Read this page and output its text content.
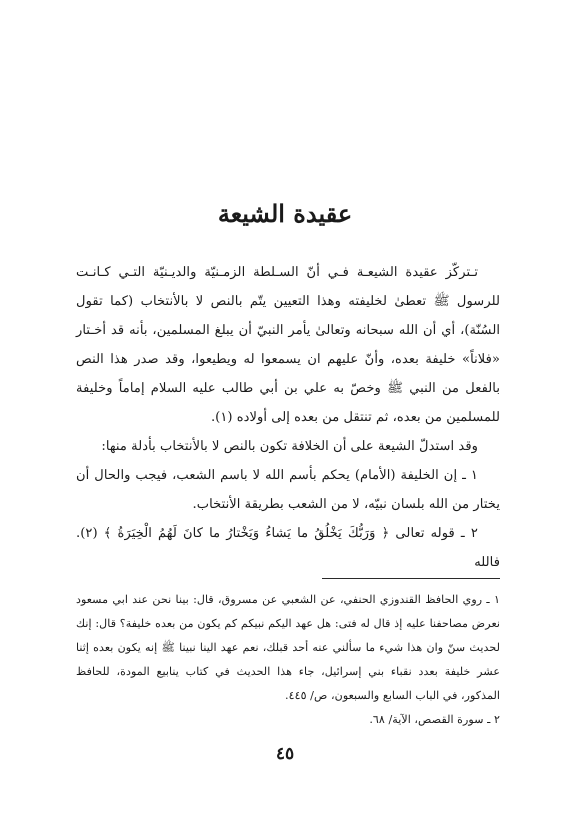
عقيدة الشيعة

تـتركّز عقيدة الشيعـة فـي أنّ السـلطة الزمـنيّة والديـنيّة التـي كـانـت للرسول ﷺ تعطىٰ لخليفته وهذا التعيين يتّم بالنص لا بالأنتخاب (كما تقول السُنّة)، أي أن الله سبحانه وتعالىٰ يأمر النبيّ أن يبلغ المسلمين، بأنه قد أخـتار «فلاناً» خليفة بعده، وأنّ عليهم ان يسمعوا له ويطيعوا، وقد صدر هذا النص بالفعل من النبي ﷺ وخصّ به علي بن أبي طالب عليه السلام إماماً وخليفة للمسلمين من بعده، ثم تنتقل من بعده إلى أولاده (١).

وقد استدلّ الشيعة على أن الخلافة تكون بالنص لا بالأنتخاب بأدلة منها:

١ ـ إن الخليفة (الأمام) يحكم بأسم الله لا باسم الشعب، فيجب والحال أن يختار من الله بلسان نبيّه، لا من الشعب بطريقة الأنتخاب.

٢ ـ قوله تعالى ﴿ وَرَبُّكَ يَخْلُقُ ما يَشاءُ وَيَخْتارُ ما كانَ لَهُمُ الْخِيَرَةُ ﴾ (٢). فالله

١ ـ روي الحافظ القندوزي الحنفي، عن الشعبي عن مسروق، قال: بينا نحن عند ابي مسعود نعرض مصاحفنا عليه إذ قال له فتى: هل عهد اليكم نبيكم كم يكون من بعده خليفة؟ قال: إنك لحديث سنّ وان هذا شيء ما سألني عنه أحد قبلك، نعم عهد الينا نبينا ﷺ إنه يكون بعده إثنا عشر خليفة بعدد نقباء بني إسرائيل، جاء هذا الحديث في كتاب ينابيع المودة، للحافظ المذكور، في الباب السابع والسبعون، ص/ ٤٤٥.

٢ ـ سورة القصص، الآية/ ٦٨.

٤٥
